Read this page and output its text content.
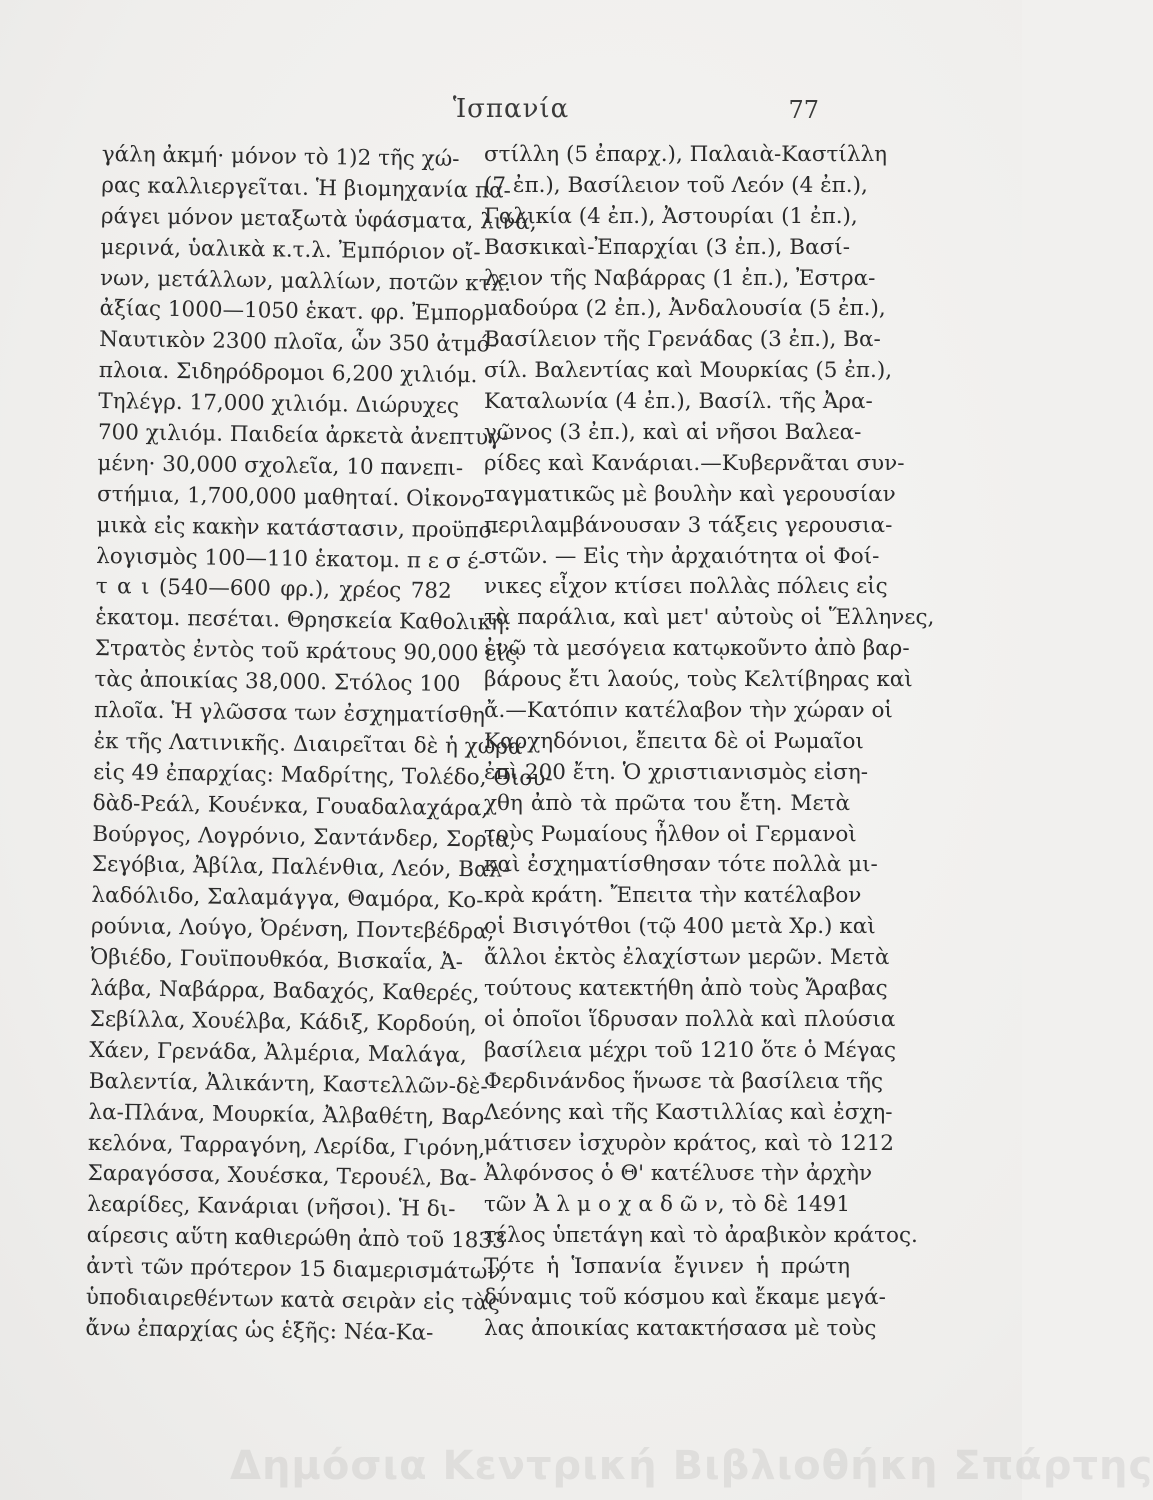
Ἱσπανία	77
γάλη ἀκμή· μόνον τὸ 1)2 τῆς χώ-
ρας καλλιεργεῖται. Ἡ βιομηχανία πα-
ράγει μόνον μεταξωτὰ ὑφάσματα, λινά,
μερινά, ὑαλικὰ κ.τ.λ. Ἐμπόριον οἴ-
νων, μετάλλων, μαλλίων, ποτῶν κτλ.
ἀξίας 1000—1050 ἑκατ. φρ. Ἐμπορ.
Ναυτικὸν 2300 πλοῖα, ὧν 350 ἀτμό-
πλοια. Σιδηρόδρομοι 6,200 χιλιόμ.
Τηλέγρ. 17,000 χιλιόμ. Διώρυχες
700 χιλιόμ. Παιδεία ἀρκετὰ ἀνεπτυγ-
μένη· 30,000 σχολεῖα, 10 πανεπι-
στήμια, 1,700,000 μαθηταί. Οἰκονο-
μικὰ εἰς κακὴν κατάστασιν, προϋπο-
λογισμὸς 100—110 ἑκατομ. π ε σ έ-
τ α ι (540—600 φρ.), χρέος 782
ἑκατομ. πεσέται. Θρησκεία Καθολική.
Στρατὸς ἐντὸς τοῦ κράτους 90,000 εἰς
τὰς ἀποικίας 38,000. Στόλος 100
πλοῖα. Ἡ γλῶσσα των ἐσχηματίσθη
ἐκ τῆς Λατινικῆς. Διαιρεῖται δὲ ἡ χώρα
εἰς 49 ἐπαρχίας: Μαδρίτης, Τολέδο, Θιου-
δὰδ-Ρεάλ, Κουένκα, Γουαδαλαχάρα,
Βούργος, Λογρόνιο, Σαντάνδερ, Σορία,
Σεγόβια, Ἀβίλα, Παλένθια, Λεόν, Βαλ-
λαδόλιδο, Σαλαμάγγα, Θαμόρα, Κο-
ρούνια, Λούγο, Ὀρένση, Ποντεβέδρα,
Ὀβιέδο, Γουϊπουθκόα, Βισκαΐα, Ἀ-
λάβα, Ναβάρρα, Βαδαχός, Καθερές,
Σεβίλλα, Χουέλβα, Κάδιξ, Κορδούη,
Χάεν, Γρενάδα, Ἀλμέρια, Μαλάγα,
Βαλεντία, Ἀλικάντη, Καστελλῶν-δὲ-
λα-Πλάνα, Μουρκία, Ἀλβαθέτη, Βαρ-
κελόνα, Ταρραγόνη, Λερίδα, Γιρόνη,
Σαραγόσσα, Χουέσκα, Τερουέλ, Βα-
λεαρίδες, Κανάριαι (νῆσοι). Ἡ δι-
αίρεσις αὕτη καθιερώθη ἀπὸ τοῦ 1833
ἀντὶ τῶν πρότερον 15 διαμερισμάτων,
ὑποδιαιρεθέντων κατὰ σειρὰν εἰς τὰς
ἄνω ἐπαρχίας ὡς ἑξῆς: Νέα-Κα-
στίλλη (5 ἐπαρχ.), Παλαιὰ-Καστίλλη
(7 ἐπ.), Βασίλειον τοῦ Λεόν (4 ἐπ.),
Γαλικία (4 ἐπ.), Ἀστουρίαι (1 ἐπ.),
Βασκικαὶ-Ἐπαρχίαι (3 ἐπ.), Βασί-
λειον τῆς Ναβάρρας (1 ἐπ.), Ἐστρα-
μαδούρα (2 ἐπ.), Ἀνδαλουσία (5 ἐπ.),
Βασίλειον τῆς Γρενάδας (3 ἐπ.), Βα-
σίλ. Βαλεντίας καὶ Μουρκίας (5 ἐπ.),
Καταλωνία (4 ἐπ.), Βασίλ. τῆς Ἀρα-
γῶνος (3 ἐπ.), καὶ αἱ νῆσοι Βαλεα-
ρίδες καὶ Κανάριαι.—Κυβερνᾶται συν-
ταγματικῶς μὲ βουλὴν καὶ γερουσίαν
περιλαμβάνουσαν 3 τάξεις γερουσια-
στῶν. — Εἰς τὴν ἀρχαιότητα οἱ Φοί-
νικες εἶχον κτίσει πολλὰς πόλεις εἰς
τὰ παράλια, καὶ μετ' αὐτοὺς οἱ Ἕλληνες,
ἐνῷ τὰ μεσόγεια κατῳκοῦντο ἀπὸ βαρ-
βάρους ἔτι λαούς, τοὺς Κελτίβηρας καὶ
ἄ.—Κατόπιν κατέλαβον τὴν χώραν οἱ
Καρχηδόνιοι, ἔπειτα δὲ οἱ Ρωμαῖοι
ἐπὶ 200 ἔτη. Ὁ χριστιανισμὸς εἰση-
χθη ἀπὸ τὰ πρῶτα του ἔτη. Μετὰ
τοὺς Ρωμαίους ἦλθον οἱ Γερμανοὶ
καὶ ἐσχηματίσθησαν τότε πολλὰ μι-
κρὰ κράτη. Ἔπειτα τὴν κατέλαβον
οἱ Βισιγότθοι (τῷ 400 μετὰ Χρ.) καὶ
ἄλλοι ἐκτὸς ἐλαχίστων μερῶν. Μετὰ
τούτους κατεκτήθη ἀπὸ τοὺς Ἄραβας
οἱ ὁποῖοι ἵδρυσαν πολλὰ καὶ πλούσια
βασίλεια μέχρι τοῦ 1210 ὅτε ὁ Μέγας
Φερδινάνδος ἥνωσε τὰ βασίλεια τῆς
Λεόνης καὶ τῆς Καστιλλίας καὶ ἐσχη-
μάτισεν ἰσχυρὸν κράτος, καὶ τὸ 1212
Ἀλφόνσος ὁ Θ' κατέλυσε τὴν ἀρχὴν
τῶν Ἀ λ μ ο χ α δ ῶ ν, τὸ δὲ 1491
τέλος ὑπετάγη καὶ τὸ ἀραβικὸν κράτος.
Τότε ἡ Ἱσπανία ἔγινεν ἡ πρώτη
δύναμις τοῦ κόσμου καὶ ἔκαμε μεγά-
λας ἀποικίας κατακτήσασα μὲ τοὺς
Δημόσια Κεντρική Βιβλιοθήκη Σπάρτης
